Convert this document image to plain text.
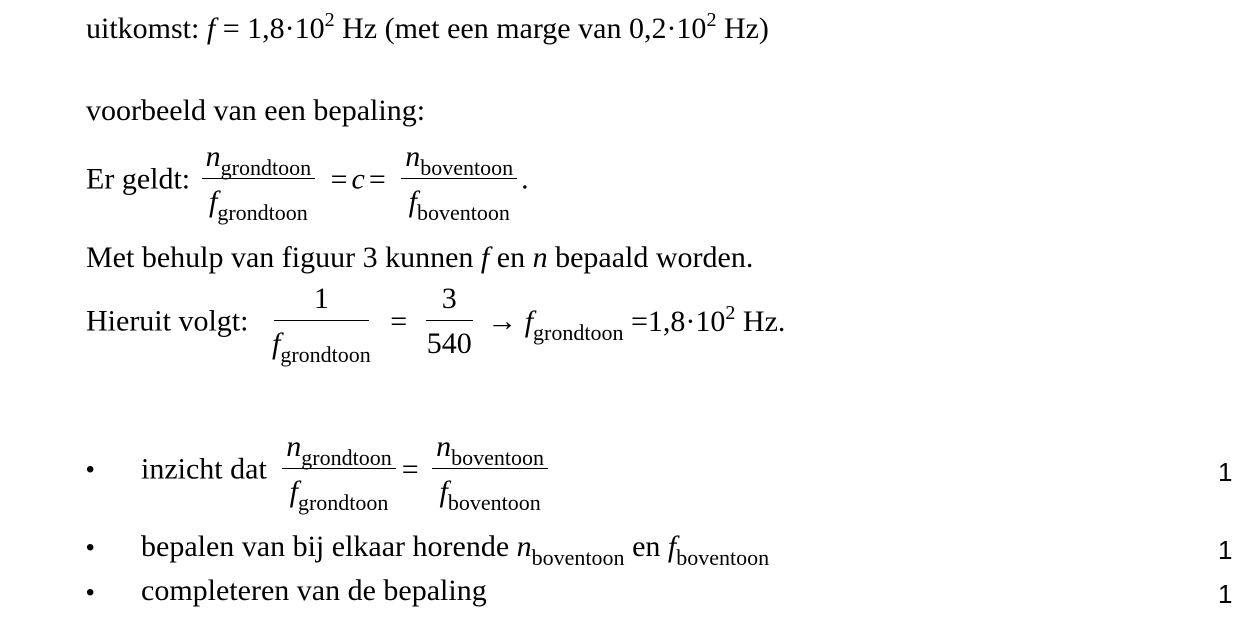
uitkomst: $f = 1,8\cdot 10^2$ Hz (met een marge van $0,2\cdot 10^2$ Hz)
voorbeeld van een bepaling:
Er geldt: $\frac{n_{grondtoon}}{f_{grondtoon}} = c = \frac{n_{boventoon}}{f_{boventoon}}$ .
Met behulp van figuur 3 kunnen f en n bepaald worden.
Hieruit volgt: $\frac{1}{f_{grondtoon}} = \frac{3}{540} \to f_{grondtoon} =1,8\cdot 10^2$ Hz.
• inzicht dat $\frac{n_{grondtoon}}{f_{grondtoon}} = \frac{n_{boventoon}}{f_{boventoon}}$	1
• bepalen van bij elkaar horende $n_{boventoon}$ en $f_{boventoon}$	1
• completeren van de bepaling	1
